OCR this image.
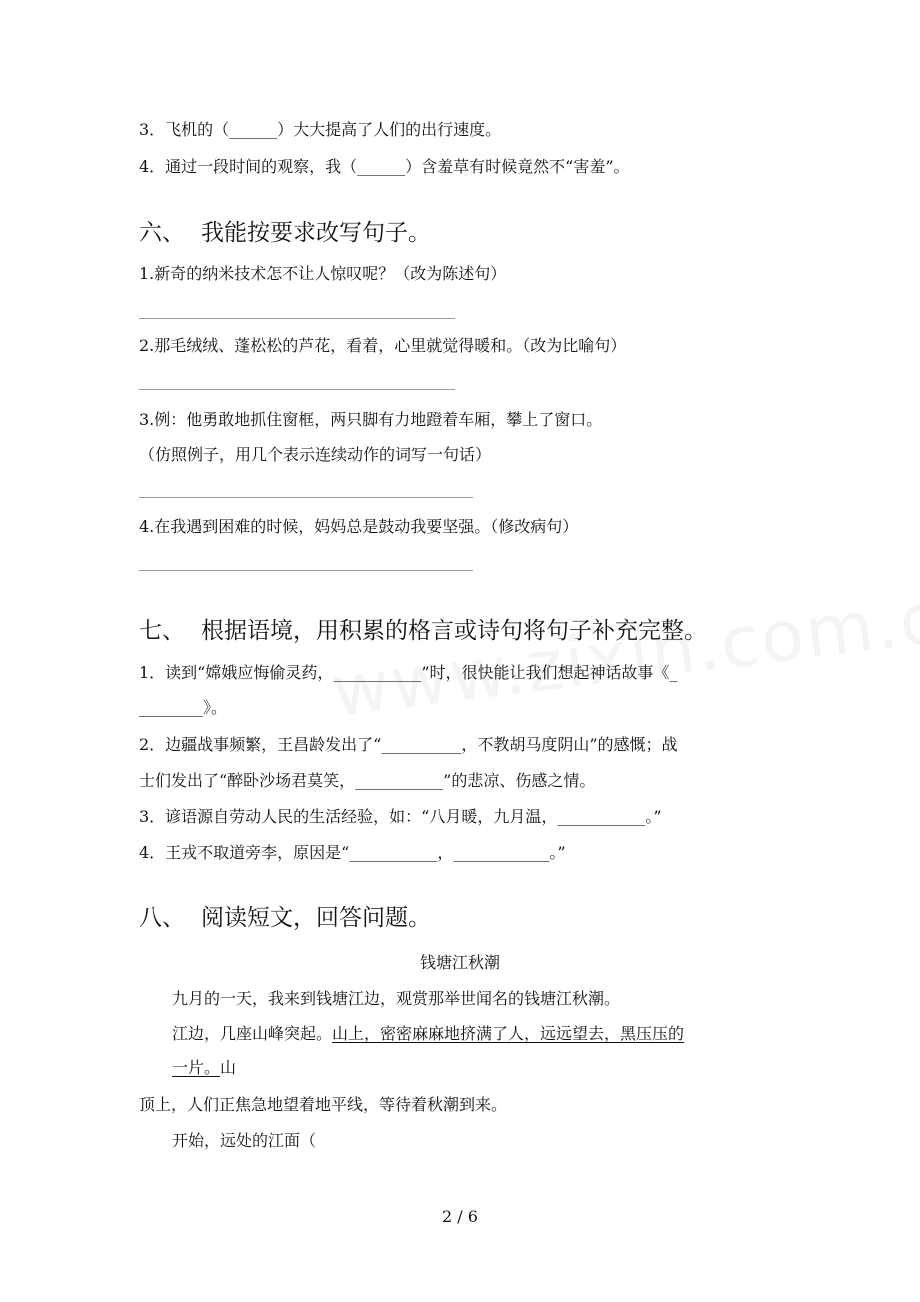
3．飞机的（______）大大提高了人们的出行速度。
4．通过一段时间的观察，我（______）含羞草有时候竟然不“害羞”。
六、 我能按要求改写句子。
1.新奇的纳米技术怎不让人惊叹呢？（改为陈述句）
2.那毛绒绒、蓬松松的芦花，看着，心里就觉得暖和。（改为比喻句）
3.例：他勇敢地抓住窗框，两只脚有力地蹬着车厢，攀上了窗口。
（仿照例子，用几个表示连续动作的词写一句话）
4.在我遇到困难的时候，妈妈总是鼓动我要坚强。（修改病句）
七、 根据语境，用积累的格言或诗句将句子补充完整。
1．读到“嫦娥应悔偷灵药，___________”时，很快能让我们想起神话故事《_
________》。
2．边疆战事频繁，王昌龄发出了“__________，不教胡马度阴山”的感慨；战
士们发出了“醉卧沙场君莫笑，___________”的悲凉、伤感之情。
3．谚语源自劳动人民的生活经验，如：“八月暖，九月温，___________。”
4．王戎不取道旁李，原因是“___________，____________。”
八、 阅读短文，回答问题。
钱塘江秋潮
九月的一天，我来到钱塘江边，观赏那举世闻名的钱塘江秋潮。
江边，几座山峰突起。山上，密密麻麻地挤满了人，远远望去，黑压压的
一片。山
顶上，人们正焦急地望着地平线，等待着秋潮到来。
开始，远处的江面（
2 / 6
